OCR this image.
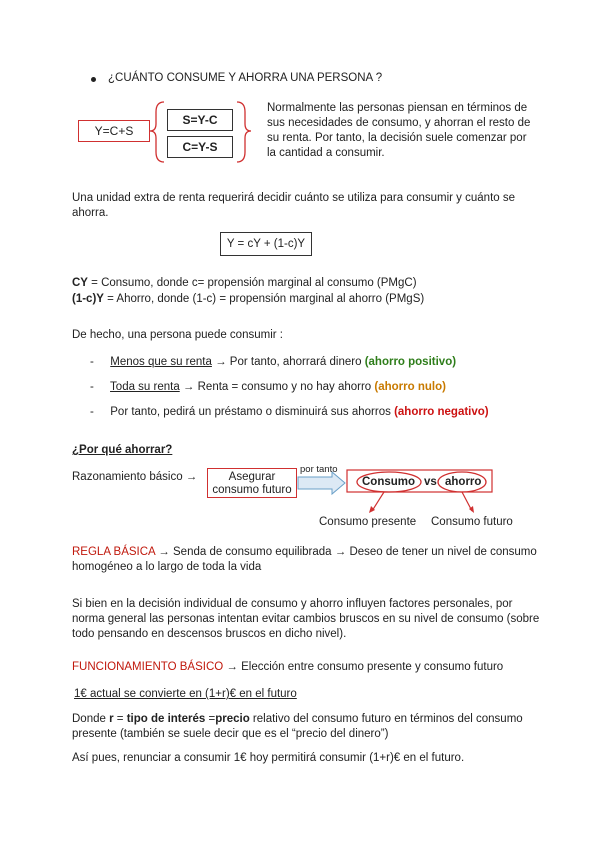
¿CUÁNTO CONSUME Y AHORRA UNA PERSONA ?
Y=C+S
S=Y-C
C=Y-S
Normalmente las personas piensan en términos de
sus necesidades de consumo, y ahorran el resto de
su renta. Por tanto, la decisión suele comenzar por
la cantidad a consumir.
Una unidad extra de renta requerirá decidir cuánto se utiliza para consumir y cuánto se
ahorra.
Y = cY + (1-c)Y
CY = Consumo, donde c= propensión marginal al consumo (PMgC)
(1-c)Y = Ahorro, donde (1-c) = propensión marginal al ahorro (PMgS)
De hecho, una persona puede consumir :
- Menos que su renta → Por tanto, ahorrará dinero (ahorro positivo)
- Toda su renta → Renta = consumo y no hay ahorro (ahorro nulo)
- Por tanto, pedirá un préstamo o disminuirá sus ahorros (ahorro negativo)
¿Por qué ahorrar?
Razonamiento básico →	Asegurar
consumo futuro
por tanto
Consumo vs ahorro
Consumo presente Consumo futuro
REGLA BÁSICA → Senda de consumo equilibrada → Deseo de tener un nivel de consumo
homogéneo a lo largo de toda la vida
Si bien en la decisión individual de consumo y ahorro influyen factores personales, por
norma general las personas intentan evitar cambios bruscos en su nivel de consumo (sobre
todo pensando en descensos bruscos en dicho nivel).
FUNCIONAMIENTO BÁSICO → Elección entre consumo presente y consumo futuro
1€ actual se convierte en (1+r)€ en el futuro
Donde r = tipo de interés =precio relativo del consumo futuro en términos del consumo
presente (también se suele decir que es el “precio del dinero”)
Así pues, renunciar a consumir 1€ hoy permitirá consumir (1+r)€ en el futuro.
